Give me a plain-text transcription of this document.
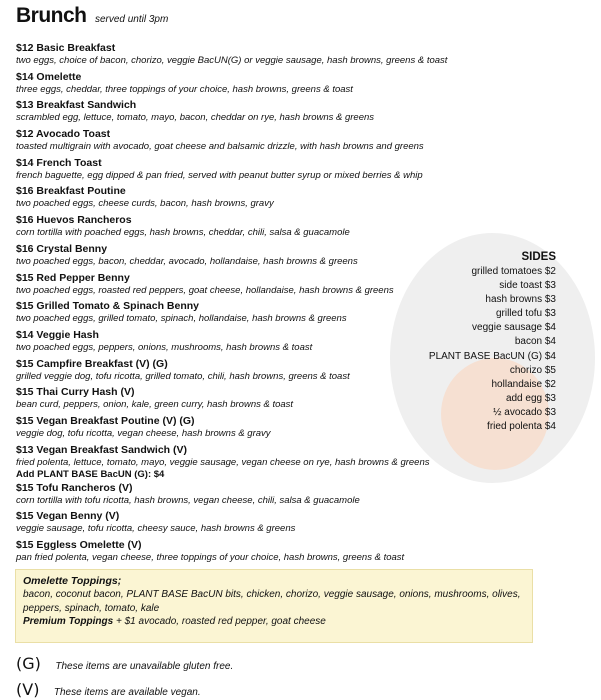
Brunch served until 3pm
$12 Basic Breakfast
two eggs, choice of bacon, chorizo, veggie BacUN(G) or veggie sausage, hash browns, greens & toast
$14 Omelette
three eggs, cheddar, three toppings of your choice, hash browns, greens & toast
$13 Breakfast Sandwich
scrambled egg, lettuce, tomato, mayo, bacon, cheddar on rye, hash browns & greens
$12 Avocado Toast
toasted multigrain with avocado, goat cheese and balsamic drizzle, with hash browns and greens
$14 French Toast
french baguette, egg dipped & pan fried, served with peanut butter syrup or mixed berries & whip
$16 Breakfast Poutine
two poached eggs, cheese curds, bacon, hash browns, gravy
$16 Huevos Rancheros
corn tortilla with poached eggs, hash browns, cheddar, chili, salsa & guacamole
$16 Crystal Benny
two poached eggs, bacon, cheddar, avocado, hollandaise, hash browns & greens
$15 Red Pepper Benny
two poached eggs, roasted red peppers, goat cheese, hollandaise, hash browns & greens
$15 Grilled Tomato & Spinach Benny
two poached eggs, grilled tomato, spinach, hollandaise, hash browns & greens
$14 Veggie Hash
two poached eggs, peppers, onions, mushrooms, hash browns & toast
$15 Campfire Breakfast (V) (G)
grilled veggie dog, tofu ricotta, grilled tomato, chili, hash browns, greens & toast
$15 Thai Curry Hash (V)
bean curd, peppers, onion, kale, green curry, hash browns & toast
$15 Vegan Breakfast Poutine (V) (G)
veggie dog, tofu ricotta, vegan cheese, hash browns & gravy
$13 Vegan Breakfast Sandwich (V)
fried polenta, lettuce, tomato, mayo, veggie sausage, vegan cheese on rye, hash browns & greens
Add PLANT BASE BacUN (G): $4
$15 Tofu Rancheros (V)
corn tortilla with tofu ricotta, hash browns, vegan cheese, chili, salsa & guacamole
$15 Vegan Benny (V)
veggie sausage, tofu ricotta, cheesy sauce, hash browns & greens
$15 Eggless Omelette (V)
pan fried polenta, vegan cheese, three toppings of your choice, hash browns, greens & toast
SIDES
grilled tomatoes $2
side toast $3
hash browns $3
grilled tofu $3
veggie sausage $4
bacon $4
PLANT BASE BacUN (G) $4
chorizo $5
hollandaise $2
add egg $3
½ avocado $3
fried polenta $4
Omelette Toppings;
bacon, coconut bacon, PLANT BASE BacUN bits, chicken, chorizo, veggie sausage, onions, mushrooms, olives, peppers, spinach, tomato, kale
Premium Toppings + $1 avocado, roasted red pepper, goat cheese
(G) These items are unavailable gluten free.
(V) These items are available vegan.
